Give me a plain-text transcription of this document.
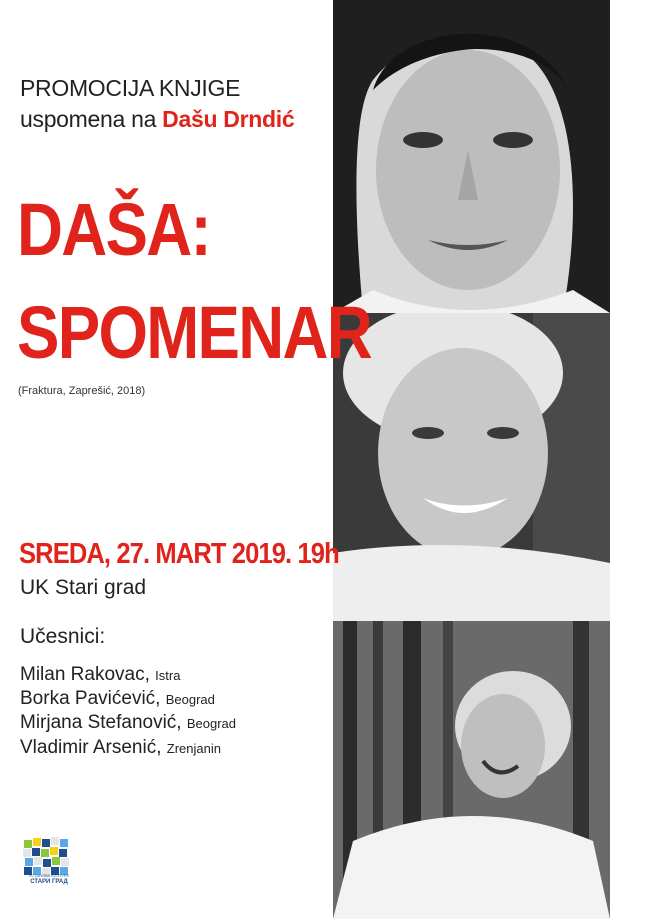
PROMOCIJA KNJIGE
uspomena na Dašu Drndić
DAŠA:
SPOMENAR
(Fraktura, Zaprešić, 2018)
SREDA, 27. MART 2019. 19h
UK Stari grad
Učesnici:
Milan Rakovac, Istra
Borka Pavićević, Beograd
Mirjana Stefanović, Beograd
Vladimir Arsenić, Zrenjanin
УСТАНОВА КУЛТУРЕ
СТАРИ ГРАД
